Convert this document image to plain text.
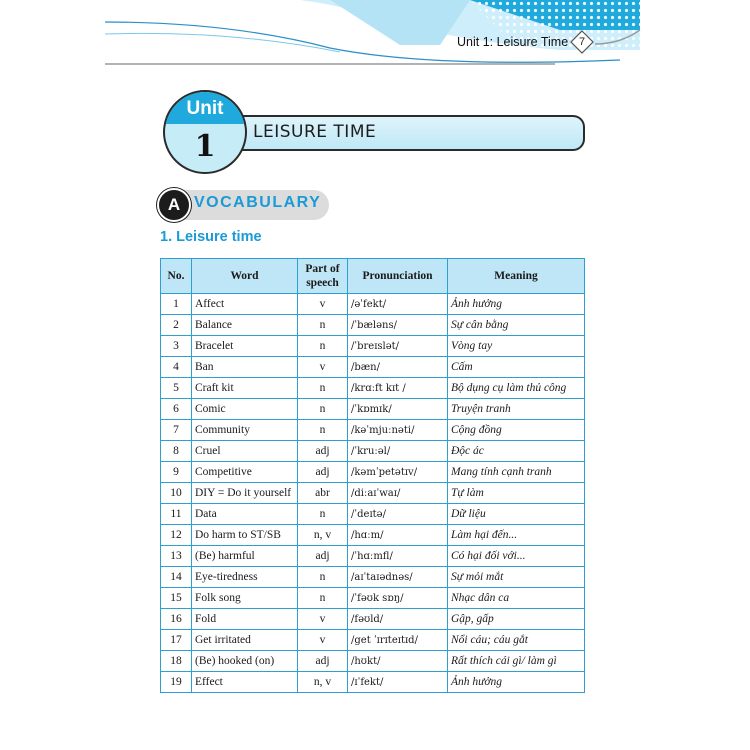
Unit 1: Leisure Time 7
LEISURE TIME
Unit
1
A VOCABULARY
1. Leisure time
No.	Word	Part of speech	Pronunciation	Meaning
1	Affect	v	/əˈfekt/	Ảnh hưởng
2	Balance	n	/ˈbæləns/	Sự cân bằng
3	Bracelet	n	/ˈbreɪslət/	Vòng tay
4	Ban	v	/bæn/	Cấm
5	Craft kit	n	/krɑːft kɪt /	Bộ dụng cụ làm thủ công
6	Comic	n	/ˈkɒmɪk/	Truyện tranh
7	Community	n	/kəˈmjuːnəti/	Cộng đồng
8	Cruel	adj	/ˈkruːəl/	Độc ác
9	Competitive	adj	/kəmˈpetətɪv/	Mang tính cạnh tranh
10	DIY = Do it yourself	abr	/diːaɪˈwaɪ/	Tự làm
11	Data	n	/ˈdeɪtə/	Dữ liệu
12	Do harm to ST/SB	n, v	/hɑːm/	Làm hại đến...
13	(Be) harmful	adj	/ˈhɑːmfl/	Có hại đối với...
14	Eye-tiredness	n	/aɪˈtaɪədnəs/	Sự mỏi mắt
15	Folk song	n	/ˈfəʊk sɒŋ/	Nhạc dân ca
16	Fold	v	/fəʊld/	Gập, gấp
17	Get irritated	v	/get ˈɪrɪteɪtɪd/	Nổi cáu; cáu gắt
18	(Be) hooked (on)	adj	/hʊkt/	Rất thích cái gì/ làm gì
19	Effect	n, v	/ɪˈfekt/	Ảnh hưởng
